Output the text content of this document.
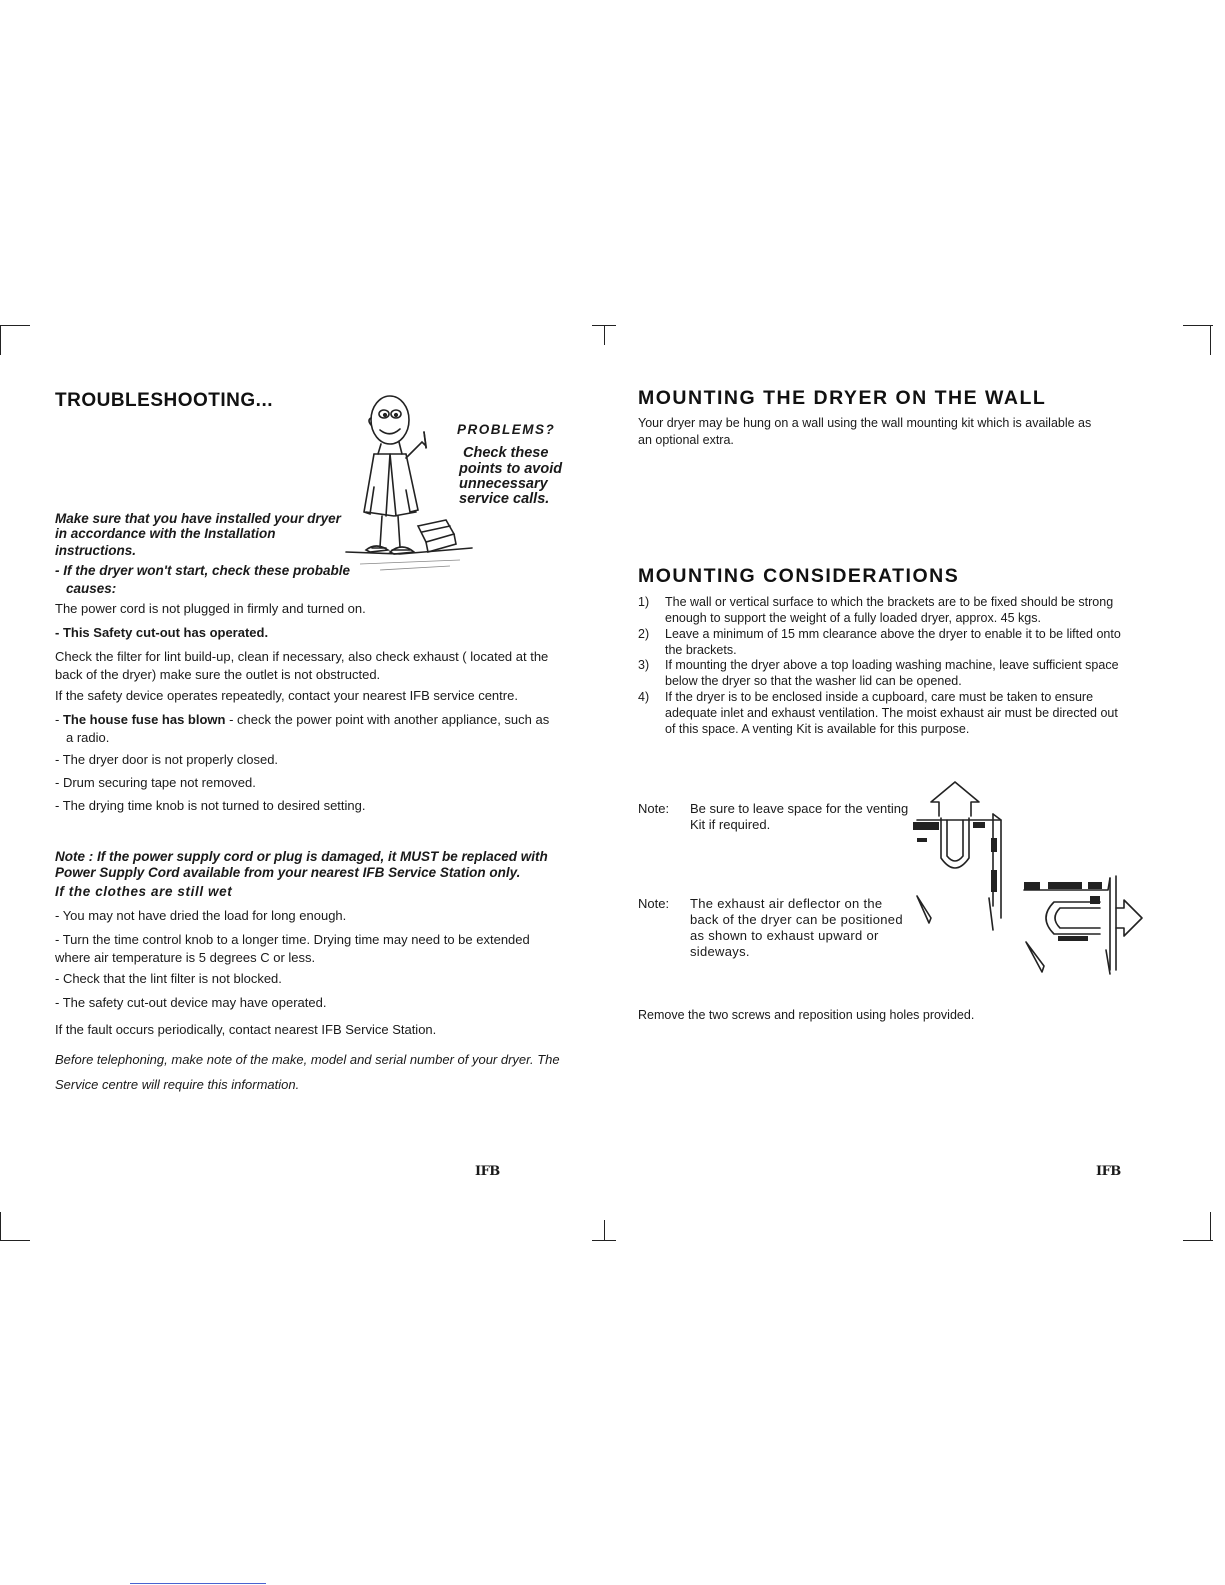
TROUBLESHOOTING...
PROBLEMS?
Check these
points to avoid
unnecessary
service calls.
Make sure that you have installed your dryer
in accordance with the Installation
instructions.
- If the dryer won't start, check these probable
causes:
The power cord is not plugged in firmly and turned on.
- This Safety cut-out has operated.
Check the filter for lint build-up, clean if necessary, also check exhaust ( located at the
back of the dryer) make sure the outlet is not obstructed.
If the safety device operates repeatedly, contact your nearest IFB service centre.
- The house fuse has blown - check the power point with another appliance, such as
a radio.
- The dryer door is not properly closed.
- Drum securing tape not removed.
- The drying time knob is not turned to desired setting.
Note : If the power supply cord or plug is damaged, it MUST be replaced with
Power Supply Cord available from your nearest IFB Service Station only.
If the clothes are still wet
- You may not have dried the load for long enough.
- Turn the time control knob to a longer time. Drying time may need to be extended
where air temperature is 5 degrees C or less.
- Check that the lint filter is not blocked.
- The safety cut-out device may have operated.
If the fault occurs periodically, contact nearest IFB Service Station.
Before telephoning, make note of the make, model and serial number of your dryer. The
Service centre will require this information.
IFB
MOUNTING THE DRYER ON THE WALL
Your dryer may be hung on a wall using the wall mounting kit which is available as
an optional extra.
MOUNTING CONSIDERATIONS
1) The wall or vertical surface to which the brackets are to be fixed should be strong
enough to support the weight of a fully loaded dryer, approx. 45 kgs.
2) Leave a minimum of 15 mm clearance above the dryer to enable it to be lifted onto
the brackets.
3) If mounting the dryer above a top loading washing machine, leave sufficient space
below the dryer so that the washer lid can be opened.
4) If the dryer is to be enclosed inside a cupboard, care must be taken to ensure
adequate inlet and exhaust ventilation. The moist exhaust air must be directed out
of this space. A venting Kit is available for this purpose.
Note: Be sure to leave space for the venting
Kit if required.
Note: The exhaust air deflector on the
back of the dryer can be positioned
as shown to exhaust upward or
sideways.
Remove the two screws and reposition using holes provided.
IFB
